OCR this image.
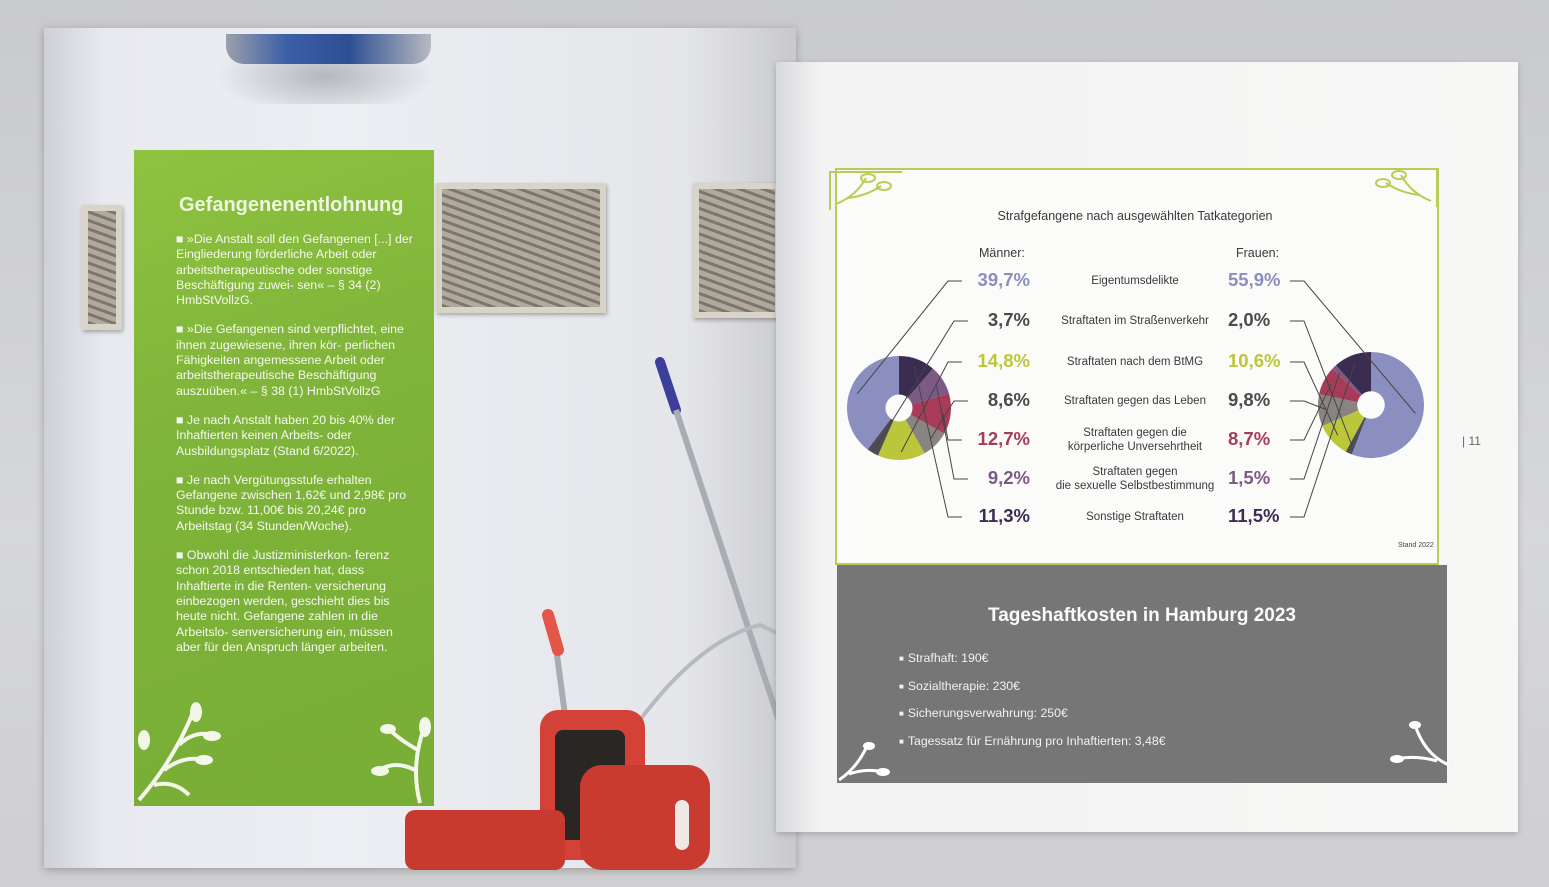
Gefangenenentlohnung

■ »Die Anstalt soll den Gefangenen [...] der Eingliederung förderliche Arbeit oder arbeitstherapeutische oder sonstige Beschäftigung zuwei- sen« – § 34 (2) HmbStVollzG.

■ »Die Gefangenen sind verpflichtet, eine ihnen zugewiesene, ihren kör- perlichen Fähigkeiten angemessene Arbeit oder arbeitstherapeutische Beschäftigung auszuüben.« – § 38 (1) HmbStVollzG

■ Je nach Anstalt haben 20 bis 40% der Inhaftierten keinen Arbeits- oder Ausbildungsplatz (Stand 6/2022).

■ Je nach Vergütungsstufe erhalten Gefangene zwischen 1,62€ und 2,98€ pro Stunde bzw. 11,00€ bis 20,24€ pro Arbeitstag (34 Stunden/Woche).

■ Obwohl die Justizministerkon- ferenz schon 2018 entschieden hat, dass Inhaftierte in die Renten- versicherung einbezogen werden, geschieht dies bis heute nicht. Gefangene zahlen in die Arbeitslo- senversicherung ein, müssen aber für den Anspruch länger arbeiten.

| 11
Strafgefangene nach ausgewählten Tatkategorien
Männer:	Frauen:
Eigentumsdelikte
Straftaten im Straßenverkehr
Straftaten nach dem BtMG
Straftaten gegen das Leben
Straftaten gegen die
körperliche Unversehrtheit
Straftaten gegen
die sexuelle Selbstbestimmung
Sonstige Straftaten
39,7%
3,7%
14,8%
8,6%
12,7%
9,2%
11,3%
55,9%
2,0%
10,6%
9,8%
8,7%
1,5%
11,5%
Stand 2022
Tageshaftkosten in Hamburg 2023
■ Strafhaft: 190€
■ Sozialtherapie: 230€
■ Sicherungsverwahrung: 250€
■ Tagessatz für Ernährung pro Inhaftierten: 3,48€
